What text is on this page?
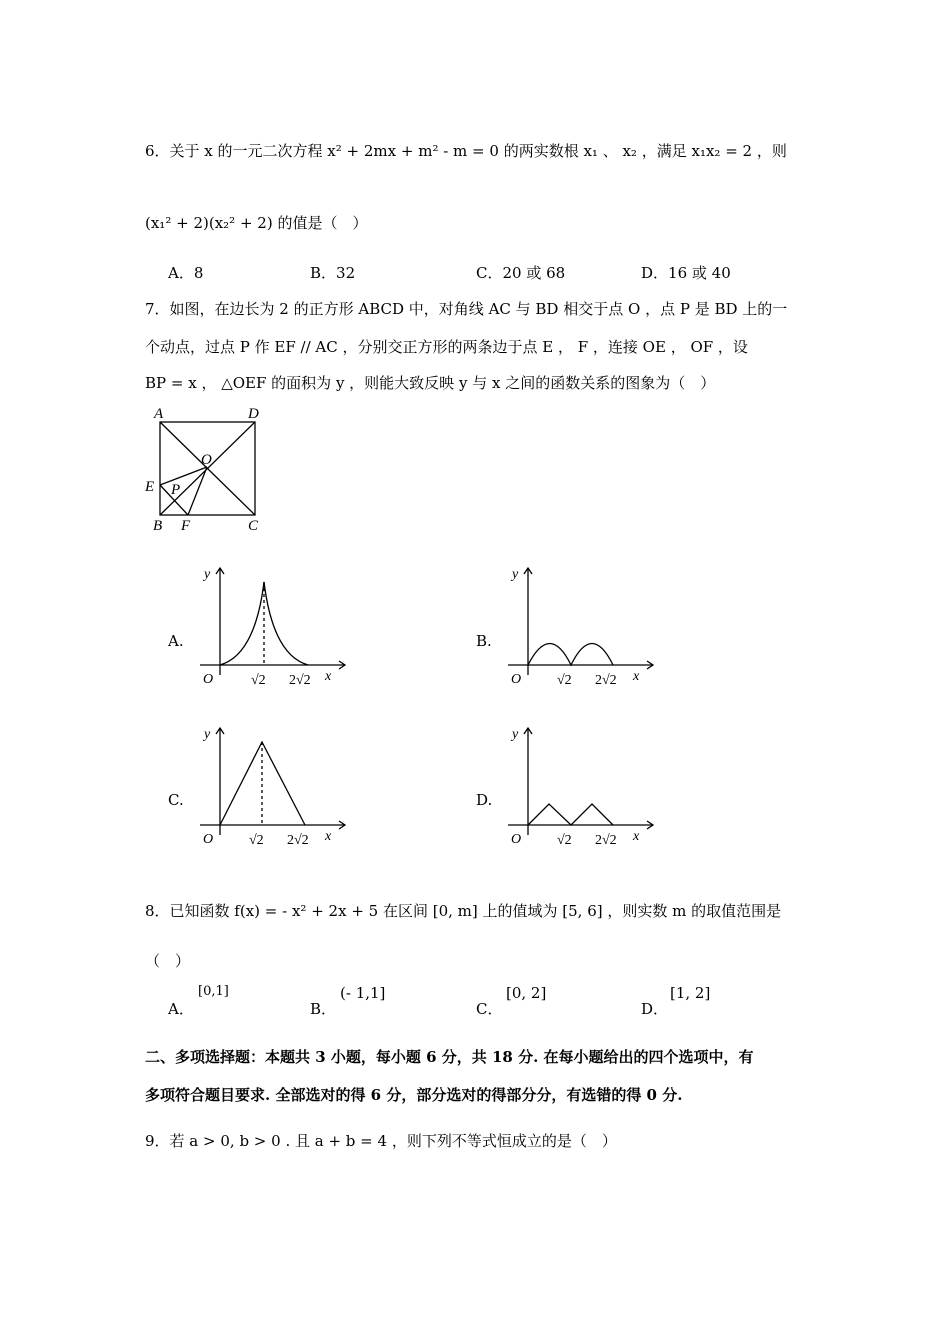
6．关于 x 的一元二次方程 x² + 2mx + m² - m = 0 的两实数根 x₁ 、 x₂ ，满足 x₁x₂ = 2 ，则
(x₁² + 2)(x₂² + 2) 的值是（　）
A．8	B．32	C．20 或 68	D．16 或 40
7．如图，在边长为 2 的正方形 ABCD 中，对角线 AC 与 BD 相交于点 O ，点 P 是 BD 上的一
个动点，过点 P 作 EF // AC ，分别交正方形的两条边于点 E ， F ，连接 OE ， OF ，设
BP = x ， △OEF 的面积为 y ，则能大致反映 y 与 x 之间的函数关系的图象为（　）
A	D
O
E P
B F	C
A.	B.
C.	D.
y
x
O	√2 2√2
y
x
O	√2 2√2
y
x
O	√2 2√2
y
x
O	√2 2√2
8．已知函数 f(x) = - x² + 2x + 5 在区间 [0, m] 上的值域为 [5, 6] ，则实数 m 的取值范围是
（　）
A．
[0,1]
B．
(- 1,1]
C．
[0, 2]
D．
[1, 2]
二、多项选择题：本题共 3 小题，每小题 6 分，共 18 分. 在每小题给出的四个选项中，有
多项符合题目要求. 全部选对的得 6 分，部分选对的得部分分，有选错的得 0 分.
9．若 a > 0, b > 0 . 且 a + b = 4 ，则下列不等式恒成立的是（　）
